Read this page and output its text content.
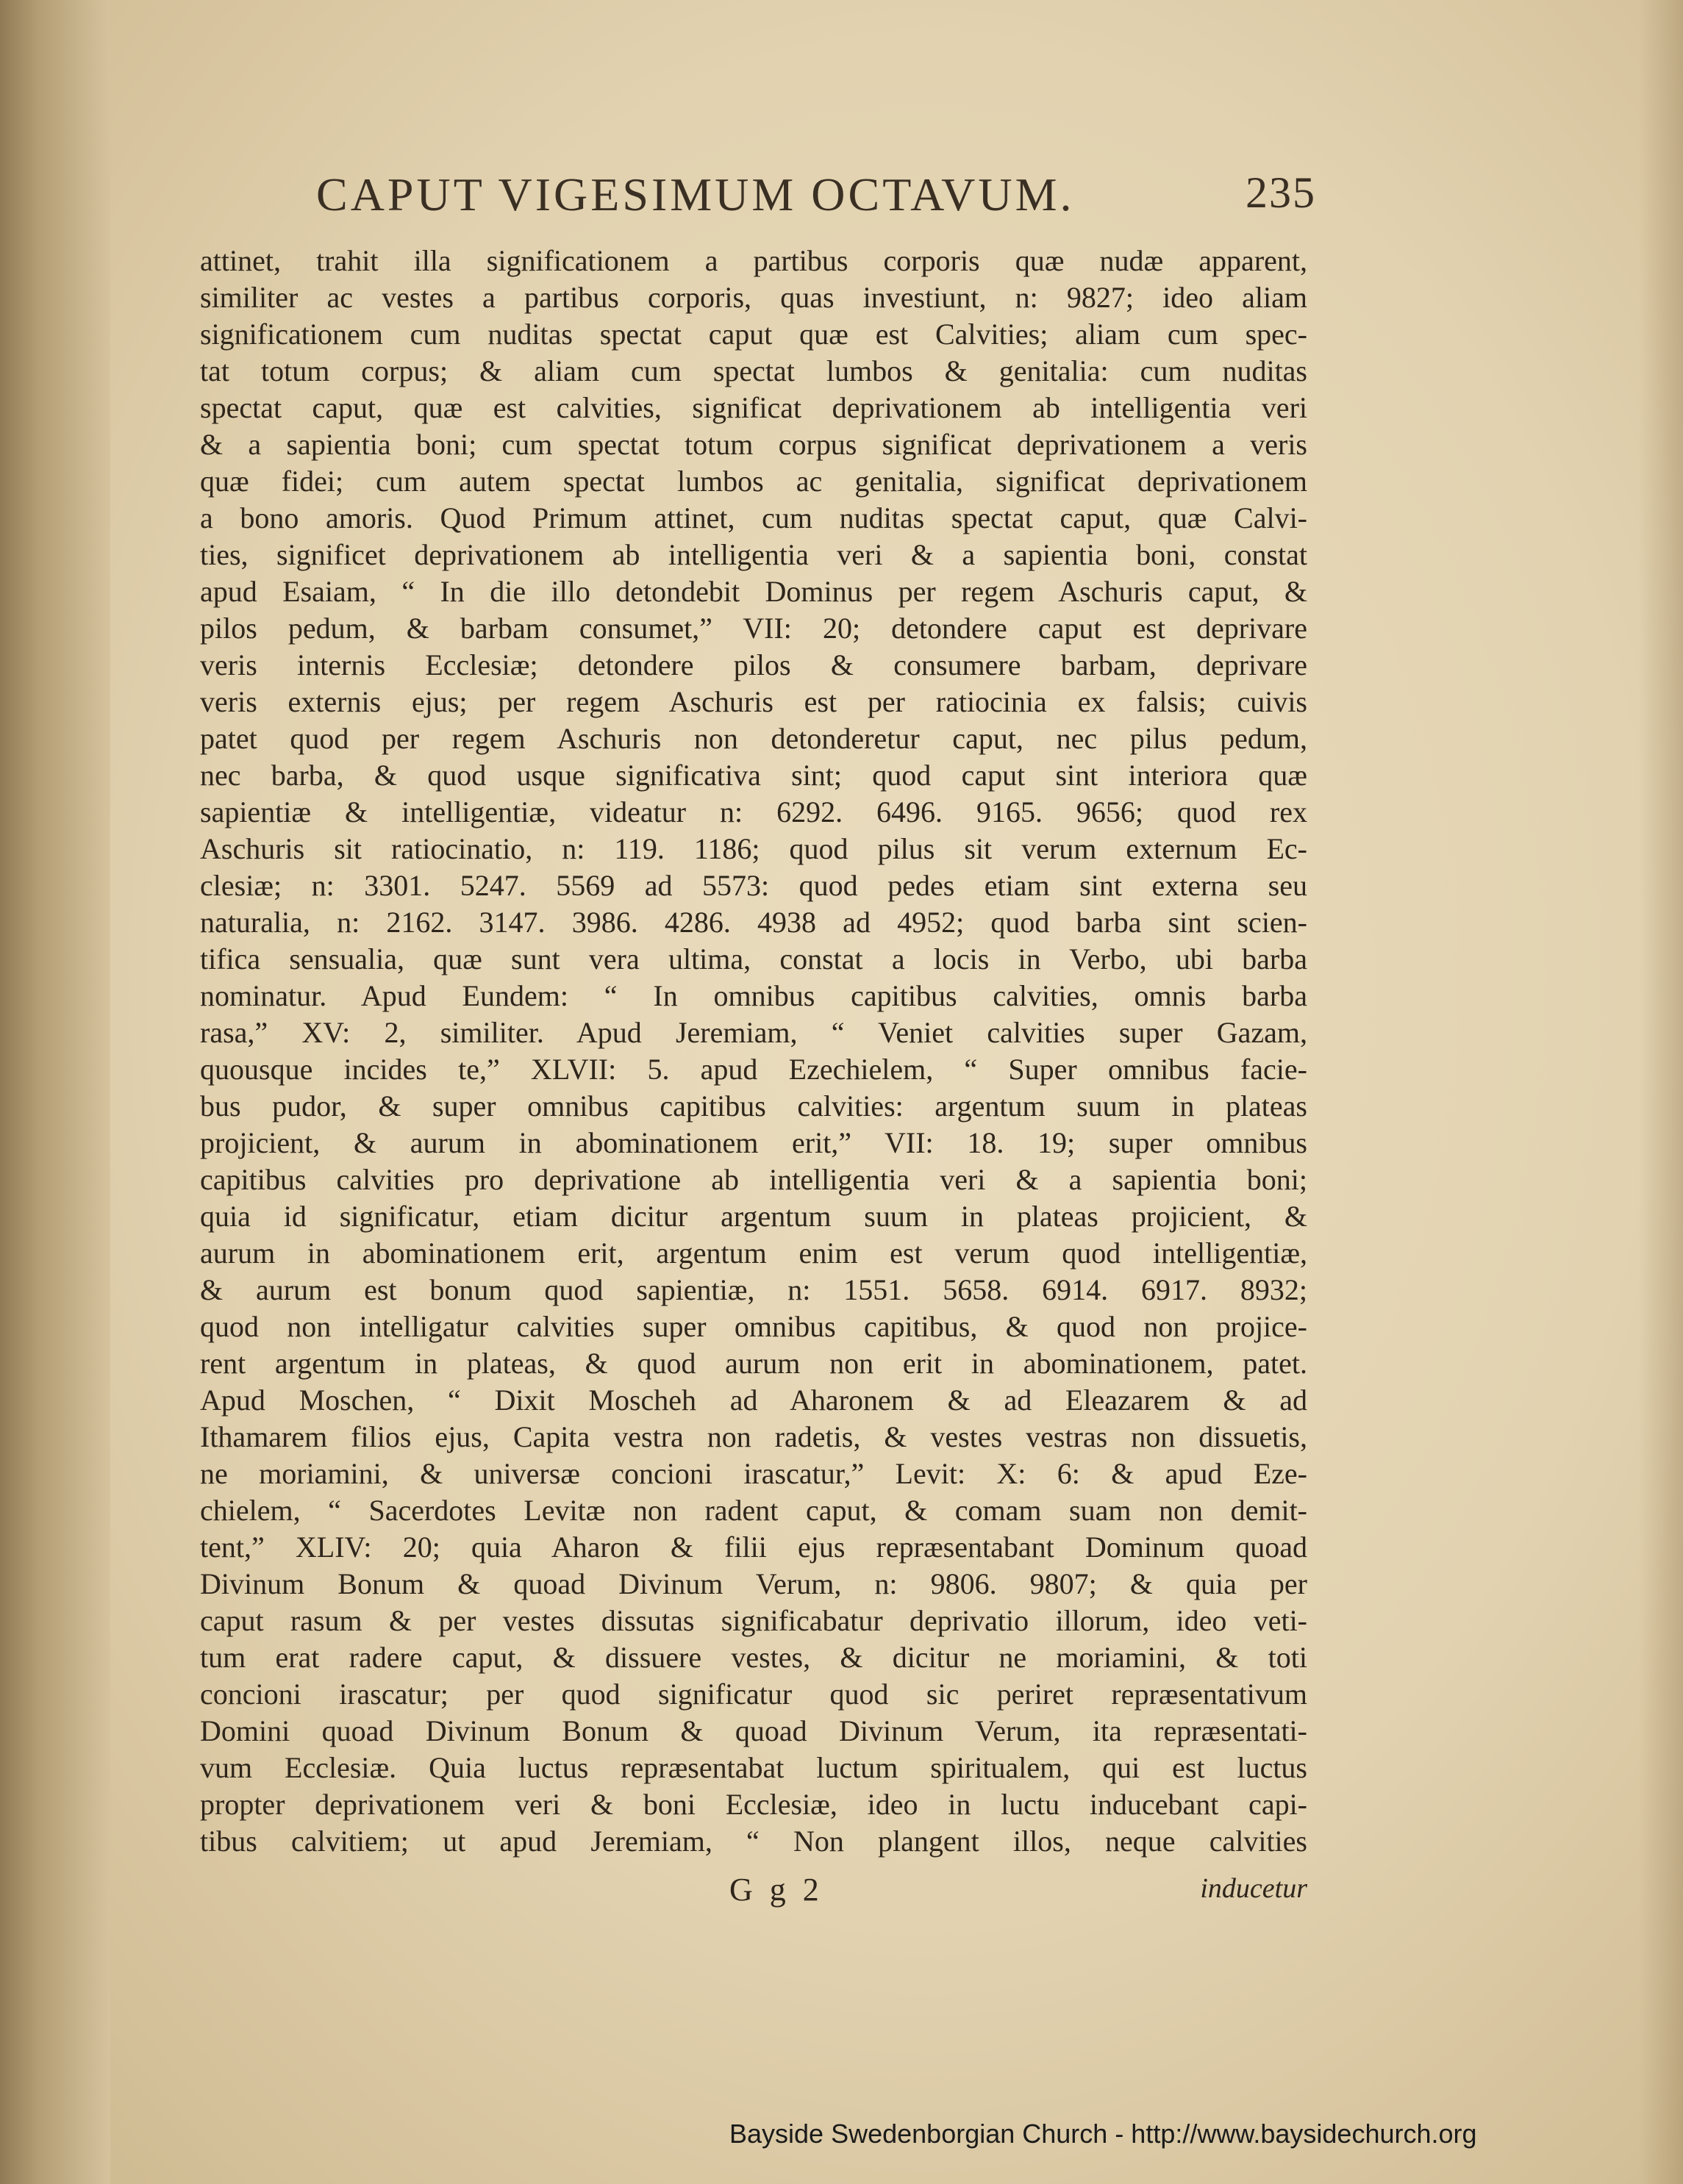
CAPUT VIGESIMUM OCTAVUM.	235
attinet, trahit illa significationem a partibus corporis quæ nudæ apparent,
similiter ac vestes a partibus corporis, quas investiunt, n: 9827; ideo aliam
significationem cum nuditas spectat caput quæ est Calvities; aliam cum spec-
tat totum corpus; & aliam cum spectat lumbos & genitalia: cum nuditas
spectat caput, quæ est calvities, significat deprivationem ab intelligentia veri
& a sapientia boni; cum spectat totum corpus significat deprivationem a veris
quæ fidei; cum autem spectat lumbos ac genitalia, significat deprivationem
a bono amoris. Quod Primum attinet, cum nuditas spectat caput, quæ Calvi-
ties, significet deprivationem ab intelligentia veri & a sapientia boni, constat
apud Esaiam, “ In die illo detondebit Dominus per regem Aschuris caput, &
pilos pedum, & barbam consumet,” VII: 20; detondere caput est deprivare
veris internis Ecclesiæ; detondere pilos & consumere barbam, deprivare
veris externis ejus; per regem Aschuris est per ratiocinia ex falsis; cuivis
patet quod per regem Aschuris non detonderetur caput, nec pilus pedum,
nec barba, & quod usque significativa sint; quod caput sint interiora quæ
sapientiæ & intelligentiæ, videatur n: 6292. 6496. 9165. 9656; quod rex
Aschuris sit ratiocinatio, n: 119. 1186; quod pilus sit verum externum Ec-
clesiæ; n: 3301. 5247. 5569 ad 5573: quod pedes etiam sint externa seu
naturalia, n: 2162. 3147. 3986. 4286. 4938 ad 4952; quod barba sint scien-
tifica sensualia, quæ sunt vera ultima, constat a locis in Verbo, ubi barba
nominatur. Apud Eundem: “ In omnibus capitibus calvities, omnis barba
rasa,” XV: 2, similiter. Apud Jeremiam, “ Veniet calvities super Gazam,
quousque incides te,” XLVII: 5. apud Ezechielem, “ Super omnibus facie-
bus pudor, & super omnibus capitibus calvities: argentum suum in plateas
projicient, & aurum in abominationem erit,” VII: 18. 19; super omnibus
capitibus calvities pro deprivatione ab intelligentia veri & a sapientia boni;
quia id significatur, etiam dicitur argentum suum in plateas projicient, &
aurum in abominationem erit, argentum enim est verum quod intelligentiæ,
& aurum est bonum quod sapientiæ, n: 1551. 5658. 6914. 6917. 8932;
quod non intelligatur calvities super omnibus capitibus, & quod non projice-
rent argentum in plateas, & quod aurum non erit in abominationem, patet.
Apud Moschen, “ Dixit Moscheh ad Aharonem & ad Eleazarem & ad
Ithamarem filios ejus, Capita vestra non radetis, & vestes vestras non dissuetis,
ne moriamini, & universæ concioni irascatur,” Levit: X: 6: & apud Eze-
chielem, “ Sacerdotes Levitæ non radent caput, & comam suam non demit-
tent,” XLIV: 20; quia Aharon & filii ejus repræsentabant Dominum quoad
Divinum Bonum & quoad Divinum Verum, n: 9806. 9807; & quia per
caput rasum & per vestes dissutas significabatur deprivatio illorum, ideo veti-
tum erat radere caput, & dissuere vestes, & dicitur ne moriamini, & toti
concioni irascatur; per quod significatur quod sic periret repræsentativum
Domini quoad Divinum Bonum & quoad Divinum Verum, ita repræsentati-
vum Ecclesiæ. Quia luctus repræsentabat luctum spiritualem, qui est luctus
propter deprivationem veri & boni Ecclesiæ, ideo in luctu inducebant capi-
tibus calvitiem; ut apud Jeremiam, “ Non plangent illos, neque calvities
G g 2	inducetur
Bayside Swedenborgian Church - http://www.baysidechurch.org
